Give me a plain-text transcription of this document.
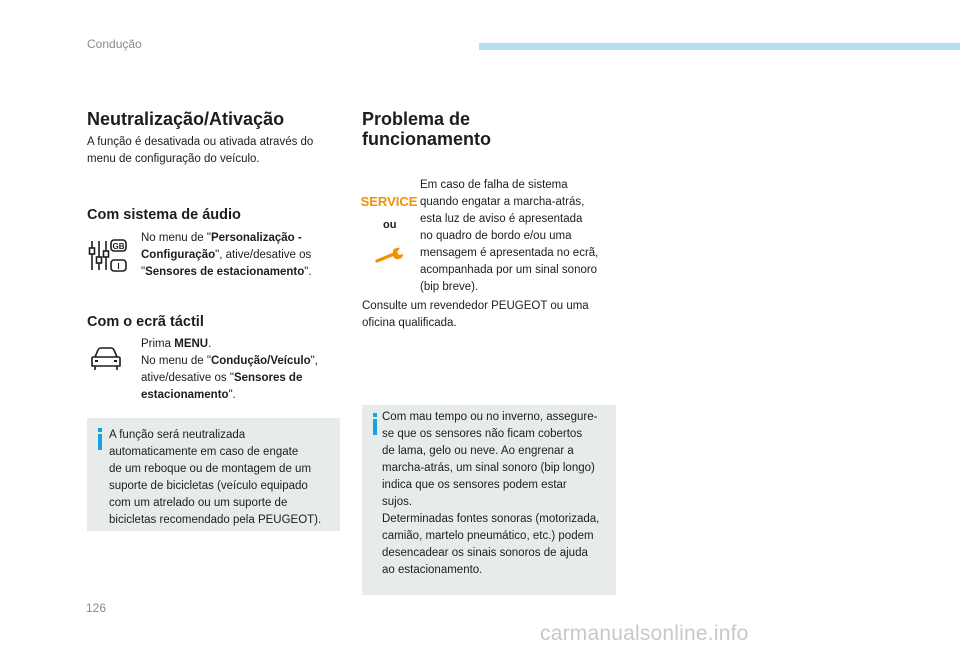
Condução
Neutralização/Ativação

A função é desativada ou ativada através do

menu de configuração do veículo.

Com sistema de áudio
GB
I

No menu de "Personalização -

Configuração", ative/desative os

"Sensores de estacionamento".

Com o ecrã táctil

Prima MENU.

No menu de "Condução/Veículo",

ative/desative os "Sensores de

estacionamento".

A função será neutralizada

automaticamente em caso de engate

de um reboque ou de montagem de um

suporte de bicicletas (veículo equipado

com um atrelado ou um suporte de

bicicletas recomendado pela PEUGEOT).

Problema de
funcionamento
SERVICE
ou

Em caso de falha de sistema

quando engatar a marcha-atrás,

esta luz de aviso é apresentada

no quadro de bordo e/ou uma

mensagem é apresentada no ecrã,

acompanhada por um sinal sonoro

(bip breve).

Consulte um revendedor PEUGEOT ou uma

oficina qualificada.

Com mau tempo ou no inverno, assegure-

se que os sensores não ficam cobertos

de lama, gelo ou neve. Ao engrenar a

marcha-atrás, um sinal sonoro (bip longo)

indica que os sensores podem estar

sujos.

Determinadas fontes sonoras (motorizada,

camião, martelo pneumático, etc.) podem

desencadear os sinais sonoros de ajuda

ao estacionamento.

126
carmanualsonline.info
